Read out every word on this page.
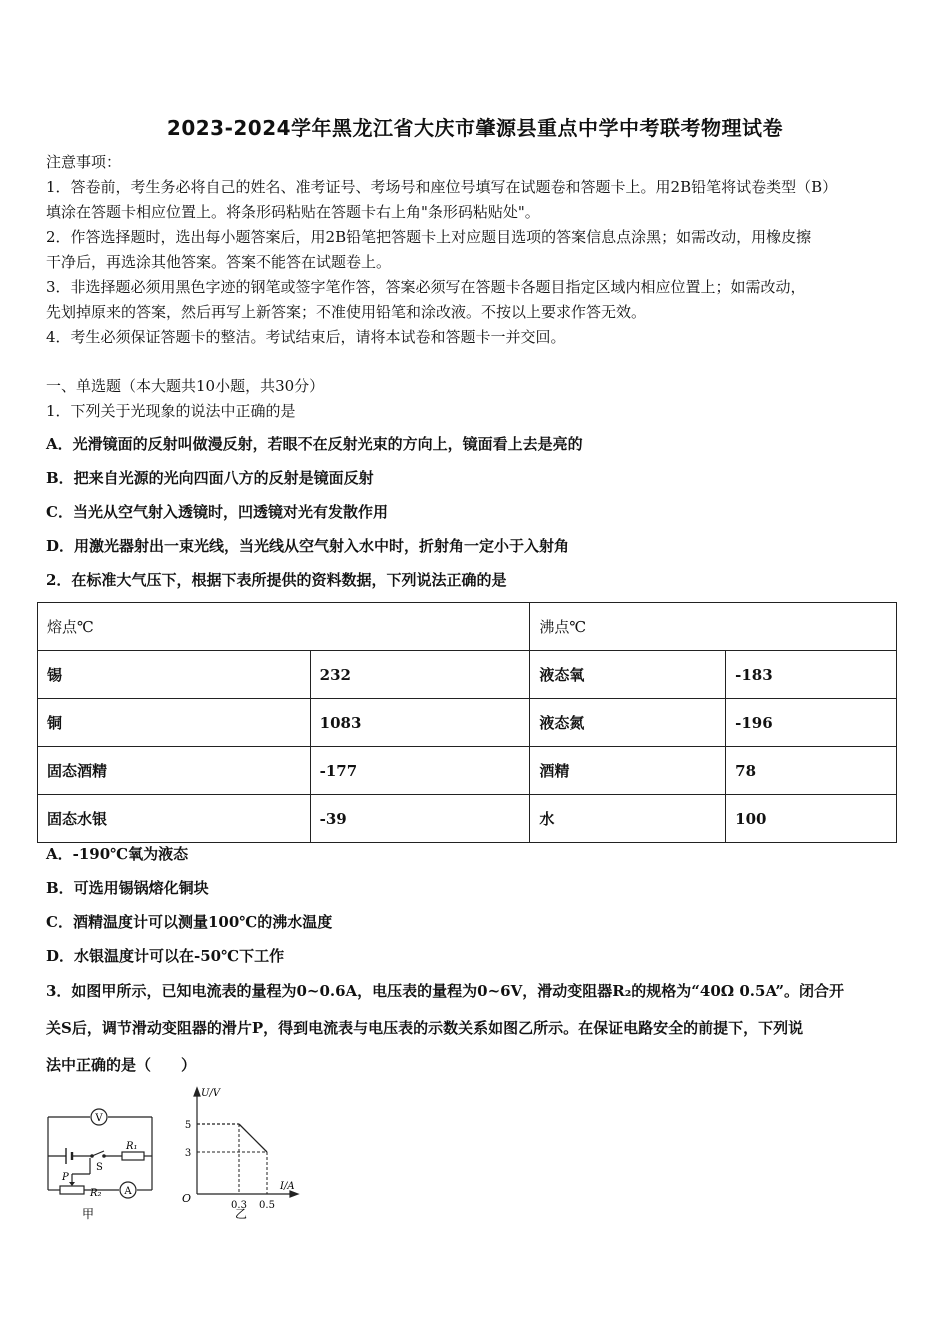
2023-2024学年黑龙江省大庆市肇源县重点中学中考联考物理试卷
注意事项：
1．答卷前，考生务必将自己的姓名、准考证号、考场号和座位号填写在试题卷和答题卡上。用2B铅笔将试卷类型（B）
填涂在答题卡相应位置上。将条形码粘贴在答题卡右上角"条形码粘贴处"。
2．作答选择题时，选出每小题答案后，用2B铅笔把答题卡上对应题目选项的答案信息点涂黑；如需改动，用橡皮擦
干净后，再选涂其他答案。答案不能答在试题卷上。
3．非选择题必须用黑色字迹的钢笔或签字笔作答，答案必须写在答题卡各题目指定区域内相应位置上；如需改动，
先划掉原来的答案，然后再写上新答案；不准使用铅笔和涂改液。不按以上要求作答无效。
4．考生必须保证答题卡的整洁。考试结束后，请将本试卷和答题卡一并交回。
一、单选题（本大题共10小题，共30分）
1．下列关于光现象的说法中正确的是
A．光滑镜面的反射叫做漫反射，若眼不在反射光束的方向上，镜面看上去是亮的
B．把来自光源的光向四面八方的反射是镜面反射
C．当光从空气射入透镜时，凹透镜对光有发散作用
D．用激光器射出一束光线，当光线从空气射入水中时，折射角一定小于入射角
2．在标准大气压下，根据下表所提供的资料数据，下列说法正确的是
熔点℃		沸点℃	
锡	232	液态氧	-183
铜	1083	液态氮	-196
固态酒精	-177	酒精	78
固态水银	-39	水	100
A．-190℃氧为液态
B．可选用锡锅熔化铜块
C．酒精温度计可以测量100℃的沸水温度
D．水银温度计可以在-50℃下工作
3．如图甲所示，已知电流表的量程为0~0.6A，电压表的量程为0~6V，滑动变阻器R₂的规格为“40Ω 0.5A”。闭合开
关S后，调节滑动变阻器的滑片P，得到电流表与电压表的示数关系如图乙所示。在保证电路安全的前提下，下列说
法中正确的是（　　）
V
S
R₁
P
R₂ A
甲
5
0.3
3
0.5
U/V
I/A
O
乙
